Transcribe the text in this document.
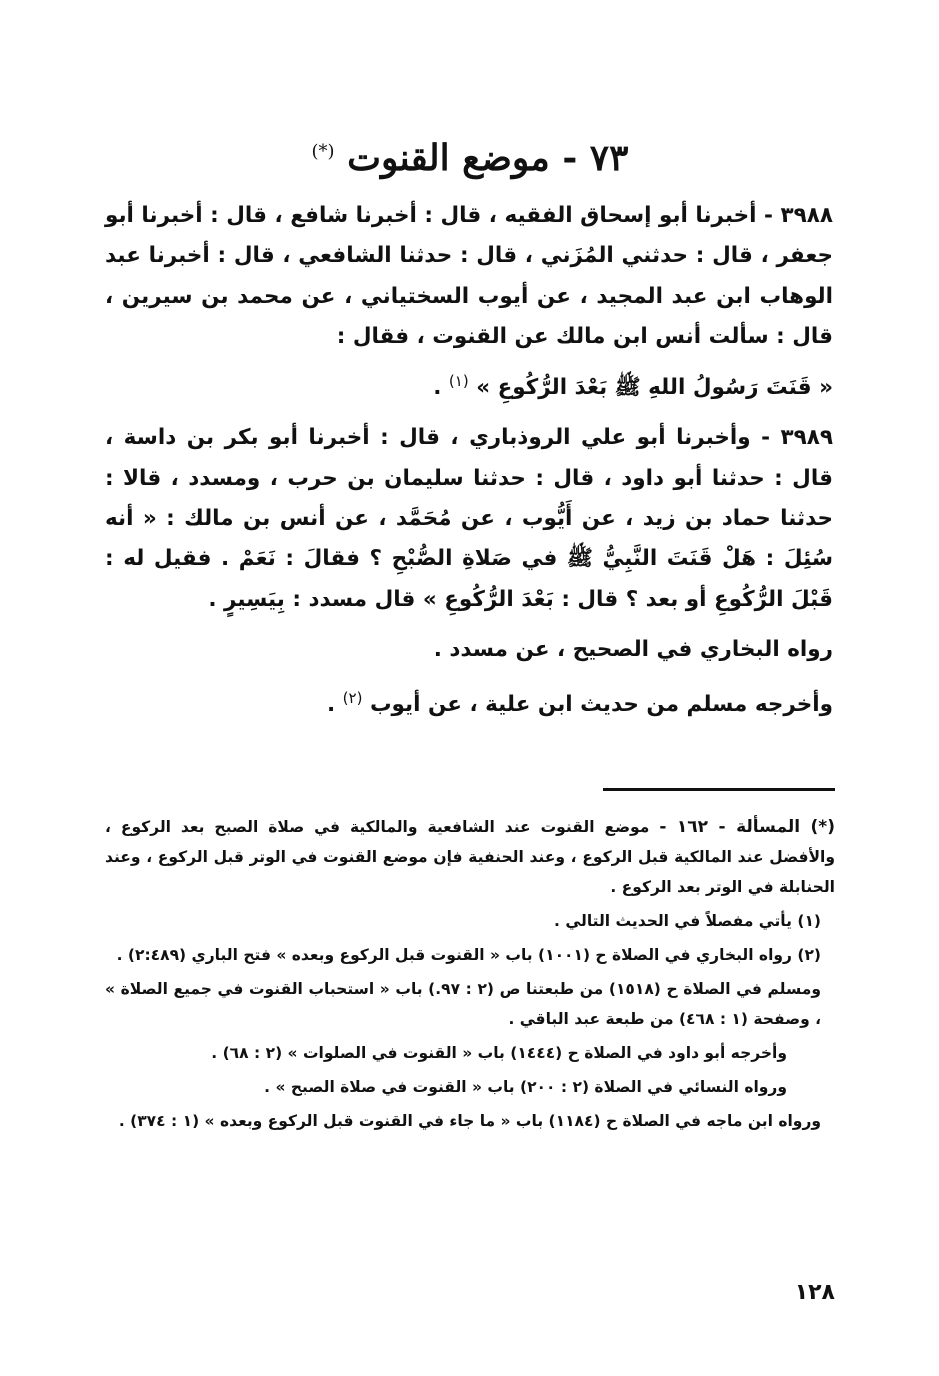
٧٣ - موضع القنوت (*)

٣٩٨٨ - أخبرنا أبو إسحاق الفقيه ، قال : أخبرنا شافع ، قال : أخبرنا أبو جعفر ، قال : حدثني المُزَني ، قال : حدثنا الشافعي ، قال : أخبرنا عبد الوهاب ابن عبد المجيد ، عن أيوب السختياني ، عن محمد بن سيرين ، قال : سألت أنس ابن مالك عن القنوت ، فقال :

« قَنَتَ رَسُولُ اللهِ ﷺ بَعْدَ الرُّكُوعِ » $^{(١)}$ .

٣٩٨٩ - وأخبرنا أبو علي الروذباري ، قال : أخبرنا أبو بكر بن داسة ، قال : حدثنا أبو داود ، قال : حدثنا سليمان بن حرب ، ومسدد ، قالا : حدثنا حماد بن زيد ، عن أَيُّوب ، عن مُحَمَّد ، عن أنس بن مالك : « أنه سُئِلَ : هَلْ قَنَتَ النَّبِيُّ ﷺ في صَلاةِ الصُّبْحِ ؟ فقالَ : نَعَمْ . فقيل له : قَبْلَ الرُّكُوعِ أو بعد ؟ قال : بَعْدَ الرُّكُوعِ » قال مسدد : بِيَسِيرٍ .

رواه البخاري في الصحيح ، عن مسدد .

وأخرجه مسلم من حديث ابن علية ، عن أيوب $^{(٢)}$ .

(*) المسألة - ١٦٢ - موضع القنوت عند الشافعية والمالكية في صلاة الصبح بعد الركوع ، والأفضل عند المالكية قبل الركوع ، وعند الحنفية فإن موضع القنوت في الوتر قبل الركوع ، وعند الحنابلة في الوتر بعد الركوع .

(١) يأتي مفصلاً في الحديث التالي .

(٢) رواه البخاري في الصلاة ح (١٠٠١) باب « القنوت قبل الركوع وبعده » فتح الباري (٢:٤٨٩) .

ومسلم في الصلاة ح (١٥١٨) من طبعتنا ص (٢ : ٩٧.) باب « استحباب القنوت في جميع الصلاة » ، وصفحة (١ : ٤٦٨) من طبعة عبد الباقي .

وأخرجه أبو داود في الصلاة ح (١٤٤٤) باب « القنوت في الصلوات » (٢ : ٦٨) .

ورواه النسائي في الصلاة (٢ : ٢٠٠) باب « القنوت في صلاة الصبح » .

ورواه ابن ماجه في الصلاة ح (١١٨٤) باب « ما جاء في القنوت قبل الركوع وبعده » (١ : ٣٧٤) .

١٢٨
